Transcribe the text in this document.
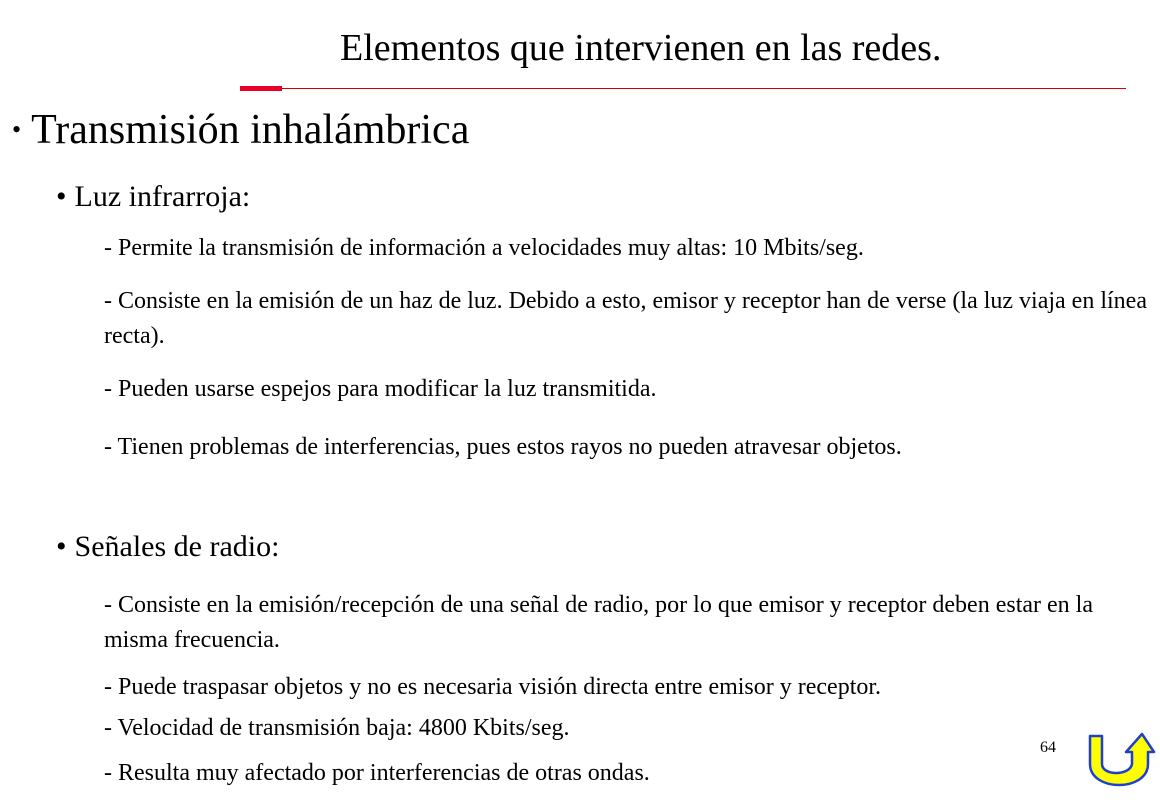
Elementos que intervienen en las redes.
• Transmisión inhalámbrica
• Luz infrarroja:
- Permite la transmisión de información a velocidades muy altas: 10 Mbits/seg.
- Consiste en la emisión de un haz de luz. Debido a esto, emisor y receptor han de verse (la luz viaja en línea recta).
- Pueden usarse espejos para modificar la luz transmitida.
- Tienen problemas de interferencias, pues estos rayos no pueden atravesar objetos.
• Señales de radio:
- Consiste en la emisión/recepción de una señal de radio, por lo que emisor y receptor deben estar en la misma frecuencia.
- Puede traspasar objetos y no es necesaria visión directa entre emisor y receptor.
- Velocidad de transmisión baja: 4800 Kbits/seg.
- Resulta muy afectado por interferencias de otras ondas.
64
